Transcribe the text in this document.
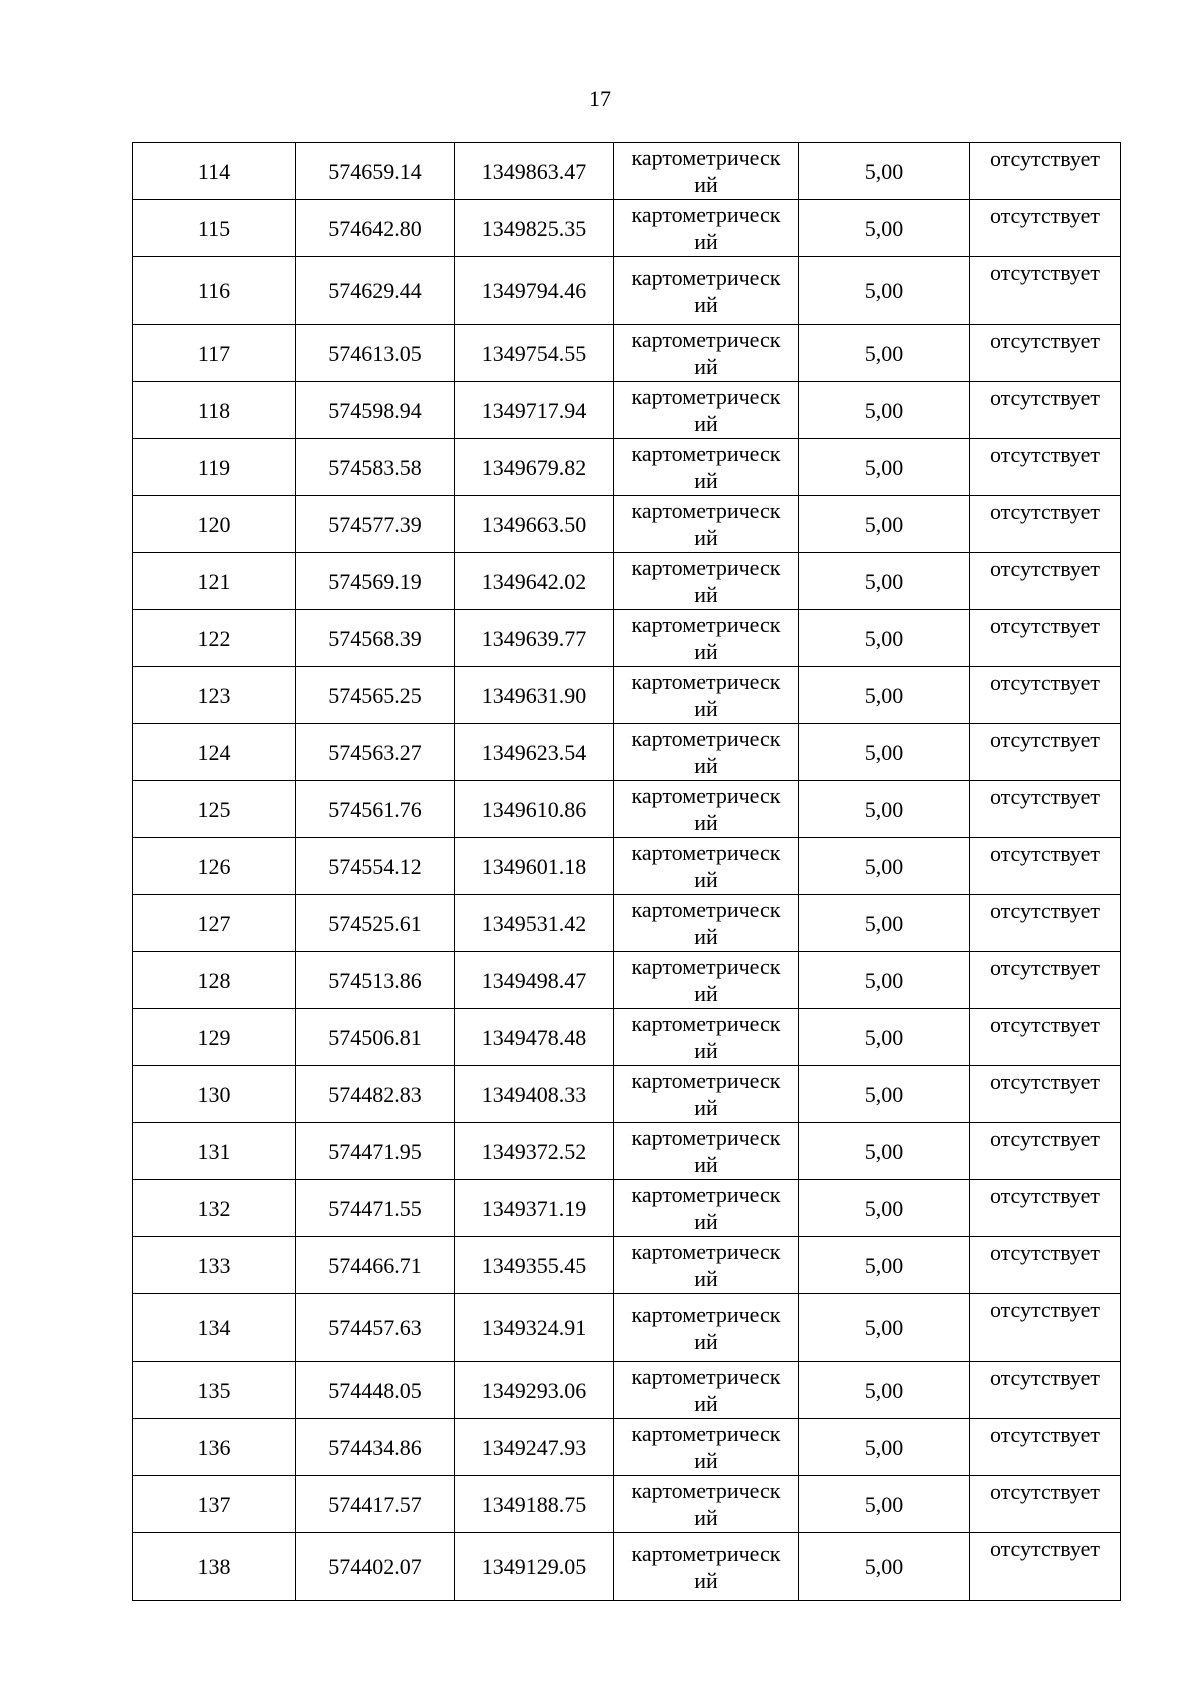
17
114	574659.14	1349863.47	картометрический	5,00	отсутствует
115	574642.80	1349825.35	картометрический	5,00	отсутствует
116	574629.44	1349794.46	картометрический	5,00	отсутствует
117	574613.05	1349754.55	картометрический	5,00	отсутствует
118	574598.94	1349717.94	картометрический	5,00	отсутствует
119	574583.58	1349679.82	картометрический	5,00	отсутствует
120	574577.39	1349663.50	картометрический	5,00	отсутствует
121	574569.19	1349642.02	картометрический	5,00	отсутствует
122	574568.39	1349639.77	картометрический	5,00	отсутствует
123	574565.25	1349631.90	картометрический	5,00	отсутствует
124	574563.27	1349623.54	картометрический	5,00	отсутствует
125	574561.76	1349610.86	картометрический	5,00	отсутствует
126	574554.12	1349601.18	картометрический	5,00	отсутствует
127	574525.61	1349531.42	картометрический	5,00	отсутствует
128	574513.86	1349498.47	картометрический	5,00	отсутствует
129	574506.81	1349478.48	картометрический	5,00	отсутствует
130	574482.83	1349408.33	картометрический	5,00	отсутствует
131	574471.95	1349372.52	картометрический	5,00	отсутствует
132	574471.55	1349371.19	картометрический	5,00	отсутствует
133	574466.71	1349355.45	картометрический	5,00	отсутствует
134	574457.63	1349324.91	картометрический	5,00	отсутствует
135	574448.05	1349293.06	картометрический	5,00	отсутствует
136	574434.86	1349247.93	картометрический	5,00	отсутствует
137	574417.57	1349188.75	картометрический	5,00	отсутствует
138	574402.07	1349129.05	картометрический	5,00	отсутствует
